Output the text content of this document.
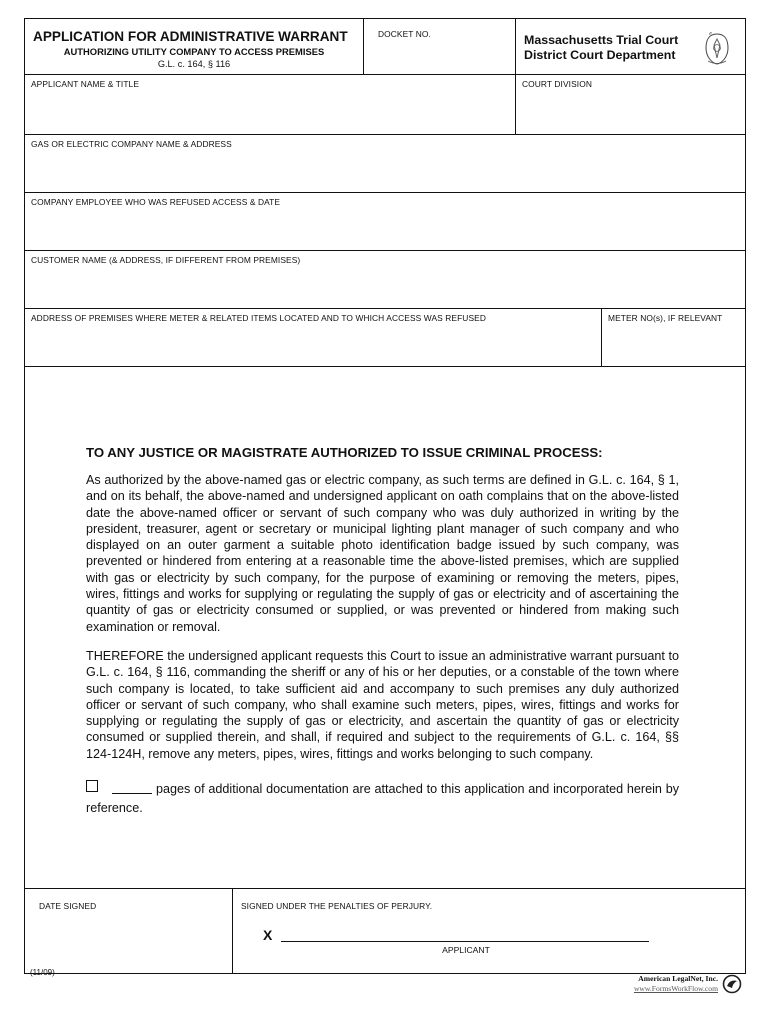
APPLICATION FOR ADMINISTRATIVE WARRANT
AUTHORIZING UTILITY COMPANY TO ACCESS PREMISES
G.L. c. 164, § 116
DOCKET NO.	Massachusetts Trial Court
District Court Department
APPLICANT NAME & TITLE	COURT DIVISION
GAS OR ELECTRIC COMPANY NAME & ADDRESS
COMPANY EMPLOYEE WHO WAS REFUSED ACCESS & DATE
CUSTOMER NAME (& ADDRESS, IF DIFFERENT FROM PREMISES)
ADDRESS OF PREMISES WHERE METER & RELATED ITEMS LOCATED AND TO WHICH ACCESS WAS REFUSED	METER NO(s), IF RELEVANT
TO ANY JUSTICE OR MAGISTRATE AUTHORIZED TO ISSUE CRIMINAL PROCESS:

As authorized by the above-named gas or electric company, as such terms are defined in G.L. c. 164, § 1, and on its behalf, the above-named and undersigned applicant on oath complains that on the above-listed date the above-named officer or servant of such company who was duly authorized in writing by the president, treasurer, agent or secretary or municipal lighting plant manager of such company and who displayed on an outer garment a suitable photo identification badge issued by such company, was prevented or hindered from entering at a reasonable time the above-listed premises, which are supplied with gas or electricity by such company, for the purpose of examining or removing the meters, pipes, wires, fittings and works for supplying or regulating the supply of gas or electricity and of ascertaining the quantity of gas or electricity consumed or supplied, or was prevented or hindered from making such examination or removal.

THEREFORE the undersigned applicant requests this Court to issue an administrative warrant pursuant to G.L. c. 164, § 116, commanding the sheriff or any of his or her deputies, or a constable of the town where such company is located, to take sufficient aid and accompany to such premises any duly authorized officer or servant of such company, who shall examine such meters, pipes, wires, fittings and works for supplying or regulating the supply of gas or electricity, and ascertain the quantity of gas or electricity consumed or supplied therein, and shall, if required and subject to the requirements of G.L. c. 164, §§ 124-124H, remove any meters, pipes, wires, fittings and works belonging to such company.

pages of additional documentation are attached to this application and incorporated herein by reference.
DATE SIGNED	SIGNED UNDER THE PENALTIES OF PERJURY.
X
APPLICANT
(11/09)
American LegalNet, Inc.
www.FormsWorkFlow.com
